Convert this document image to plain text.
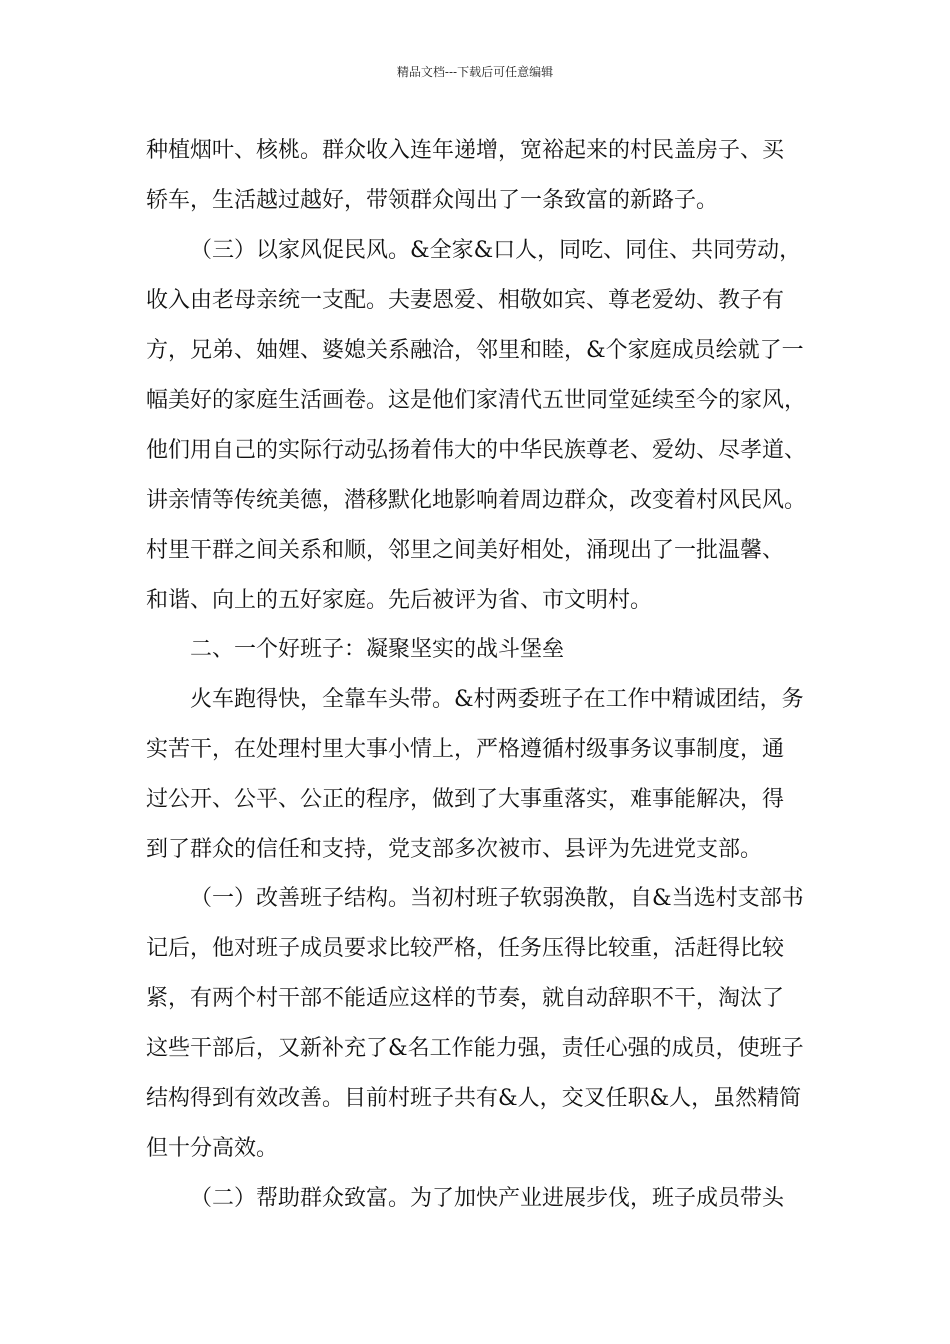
精品文档---下载后可任意编辑
种植烟叶、核桃。群众收入连年递增，宽裕起来的村民盖房子、买
轿车，生活越过越好，带领群众闯出了一条致富的新路子。
（三）以家风促民风。&全家&口人，同吃、同住、共同劳动，
收入由老母亲统一支配。夫妻恩爱、相敬如宾、尊老爱幼、教子有
方，兄弟、妯娌、婆媳关系融洽，邻里和睦，&个家庭成员绘就了一
幅美好的家庭生活画卷。这是他们家清代五世同堂延续至今的家风，
他们用自己的实际行动弘扬着伟大的中华民族尊老、爱幼、尽孝道、
讲亲情等传统美德，潜移默化地影响着周边群众，改变着村风民风。
村里干群之间关系和顺，邻里之间美好相处，涌现出了一批温馨、
和谐、向上的五好家庭。先后被评为省、市文明村。
二、一个好班子：凝聚坚实的战斗堡垒
火车跑得快，全靠车头带。&村两委班子在工作中精诚团结，务
实苦干，在处理村里大事小情上，严格遵循村级事务议事制度，通
过公开、公平、公正的程序，做到了大事重落实，难事能解决，得
到了群众的信任和支持，党支部多次被市、县评为先进党支部。
（一）改善班子结构。当初村班子软弱涣散，自&当选村支部书
记后，他对班子成员要求比较严格，任务压得比较重，活赶得比较
紧，有两个村干部不能适应这样的节奏，就自动辞职不干，淘汰了
这些干部后，又新补充了&名工作能力强，责任心强的成员，使班子
结构得到有效改善。目前村班子共有&人，交叉任职&人，虽然精简
但十分高效。
（二）帮助群众致富。为了加快产业进展步伐，班子成员带头
